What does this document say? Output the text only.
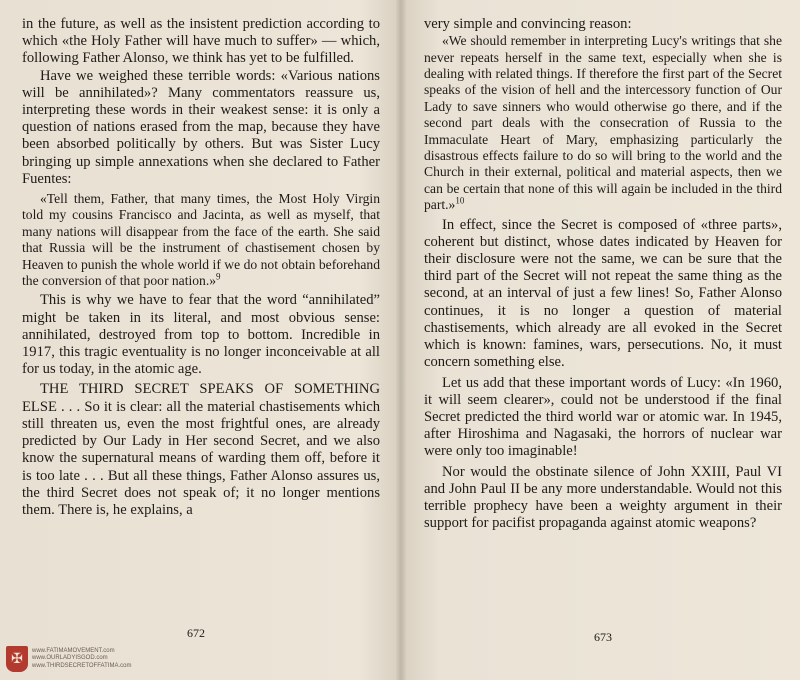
in the future, as well as the insistent prediction according to which «the Holy Father will have much to suffer» — which, following Father Alonso, we think has yet to be fulfilled.

Have we weighed these terrible words: «Various nations will be annihilated»? Many commentators reassure us, interpreting these words in their weakest sense: it is only a question of nations erased from the map, because they have been absorbed politically by others. But was Sister Lucy bringing up simple annexations when she declared to Father Fuentes:

«Tell them, Father, that many times, the Most Holy Virgin told my cousins Francisco and Jacinta, as well as myself, that many nations will disappear from the face of the earth. She said that Russia will be the instrument of chastisement chosen by Heaven to punish the whole world if we do not obtain beforehand the conversion of that poor nation.»$^9$

This is why we have to fear that the word “annihilated” might be taken in its literal, and most obvious sense: annihilated, destroyed from top to bottom. Incredible in 1917, this tragic eventuality is no longer inconceivable at all for us today, in the atomic age.

THE THIRD SECRET SPEAKS OF SOMETHING ELSE . . . So it is clear: all the material chastisements which still threaten us, even the most frightful ones, are already predicted by Our Lady in Her second Secret, and we also know the supernatural means of warding them off, before it is too late . . . But all these things, Father Alonso assures us, the third Secret does not speak of; it no longer mentions them. There is, he explains, a

672

very simple and convincing reason:

«We should remember in interpreting Lucy's writings that she never repeats herself in the same text, especially when she is dealing with related things. If therefore the first part of the Secret speaks of the vision of hell and the intercessory function of Our Lady to save sinners who would otherwise go there, and if the second part deals with the consecration of Russia to the Immaculate Heart of Mary, emphasizing particularly the disastrous effects failure to do so will bring to the world and the Church in their external, political and material aspects, then we can be certain that none of this will again be included in the third part.»$^{10}$

In effect, since the Secret is composed of «three parts», coherent but distinct, whose dates indicated by Heaven for their disclosure were not the same, we can be sure that the third part of the Secret will not repeat the same thing as the second, at an interval of just a few lines! So, Father Alonso continues, it is no longer a question of material chastisements, which already are all evoked in the Secret which is known: famines, wars, persecutions. No, it must concern something else.

Let us add that these important words of Lucy: «In 1960, it will seem clearer», could not be understood if the final Secret predicted the third world war or atomic war. In 1945, after Hiroshima and Nagasaki, the horrors of nuclear war were only too imaginable!

Nor would the obstinate silence of John XXIII, Paul VI and John Paul II be any more understandable. Would not this terrible prophecy have been a weighty argument in their support for pacifist propaganda against atomic weapons?

673
✠
www.FATIMAMOVEMENT.com
www.OURLADYISGOD.com
www.THIRDSECRETOFFATIMA.com
